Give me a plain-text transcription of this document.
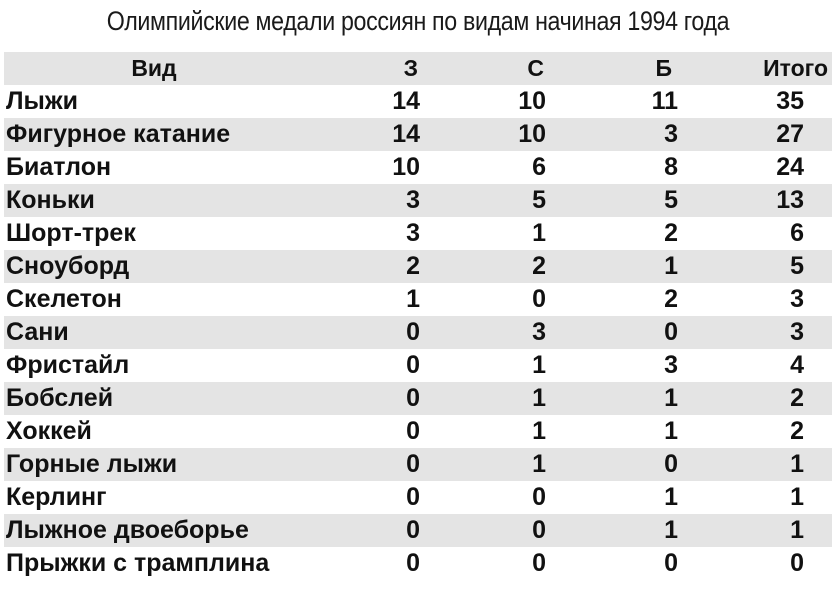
Олимпийские медали россиян по видам начиная 1994 года
Вид	З	С	Б	Итого
Лыжи	14	10	11	35
Фигурное катание	14	10	3	27
Биатлон	10	6	8	24
Коньки	3	5	5	13
Шорт-трек	3	1	2	6
Сноуборд	2	2	1	5
Скелетон	1	0	2	3
Сани	0	3	0	3
Фристайл	0	1	3	4
Бобслей	0	1	1	2
Хоккей	0	1	1	2
Горные лыжи	0	1	0	1
Керлинг	0	0	1	1
Лыжное двоеборье	0	0	1	1
Прыжки с трамплина	0	0	0	0
